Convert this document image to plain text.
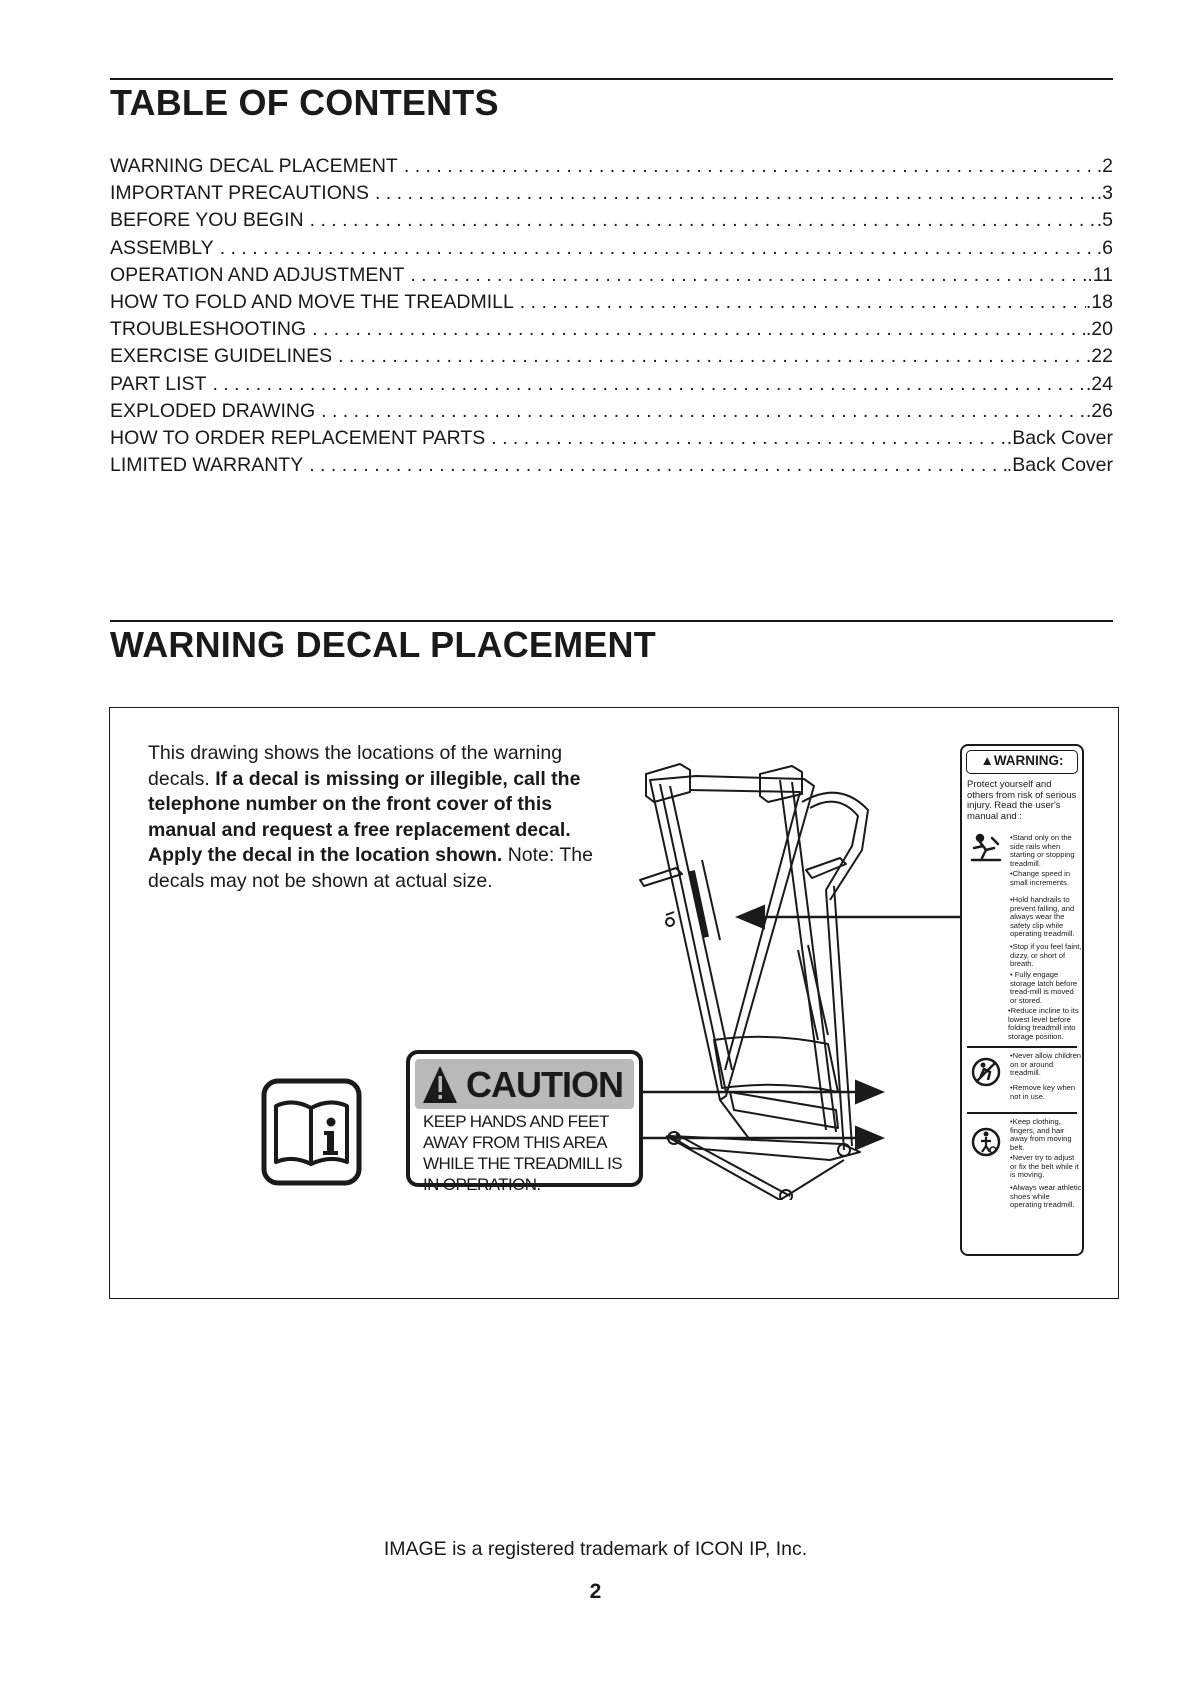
TABLE OF CONTENTS
WARNING DECAL PLACEMENT . . .	.2
IMPORTANT PRECAUTIONS . . .	.3
BEFORE YOU BEGIN . . .	.5
ASSEMBLY . . .	.6
OPERATION AND ADJUSTMENT . . .	.11
HOW TO FOLD AND MOVE THE TREADMILL . . .	.18
TROUBLESHOOTING . . .	.20
EXERCISE GUIDELINES . . .	.22
PART LIST . . .	.24
EXPLODED DRAWING . . .	.26
HOW TO ORDER REPLACEMENT PARTS . . .	.Back Cover
LIMITED WARRANTY . . .	.Back Cover
WARNING DECAL PLACEMENT
This drawing shows the locations of the warning decals. If a decal is missing or illegible, call the telephone number on the front cover of this manual and request a free replacement decal. Apply the decal in the location shown. Note: The decals may not be shown at actual size.
CAUTION
KEEP HANDS AND FEET AWAY FROM THIS AREA WHILE THE TREADMILL IS IN OPERATION.
▲WARNING:
Protect yourself and others from risk of serious injury. Read the user's manual and :
•Stand only on the side rails when starting or stopping treadmill.
•Change speed in small increments.
•Hold handrails to prevent falling, and always wear the safety clip while operating treadmill.
•Stop if you feel faint, dizzy, or short of breath.
• Fully engage storage latch before tread-mill is moved or stored.
•Reduce incline to its lowest level before folding treadmill into storage position.
•Never allow children on or around treadmill.
•Remove key when not in use.
•Keep clothing, fingers, and hair away from moving belt.
•Never try to adjust or fix the belt while it is moving.
•Always wear athletic shoes while operating treadmill.
IMAGE is a registered trademark of ICON IP, Inc.
2
